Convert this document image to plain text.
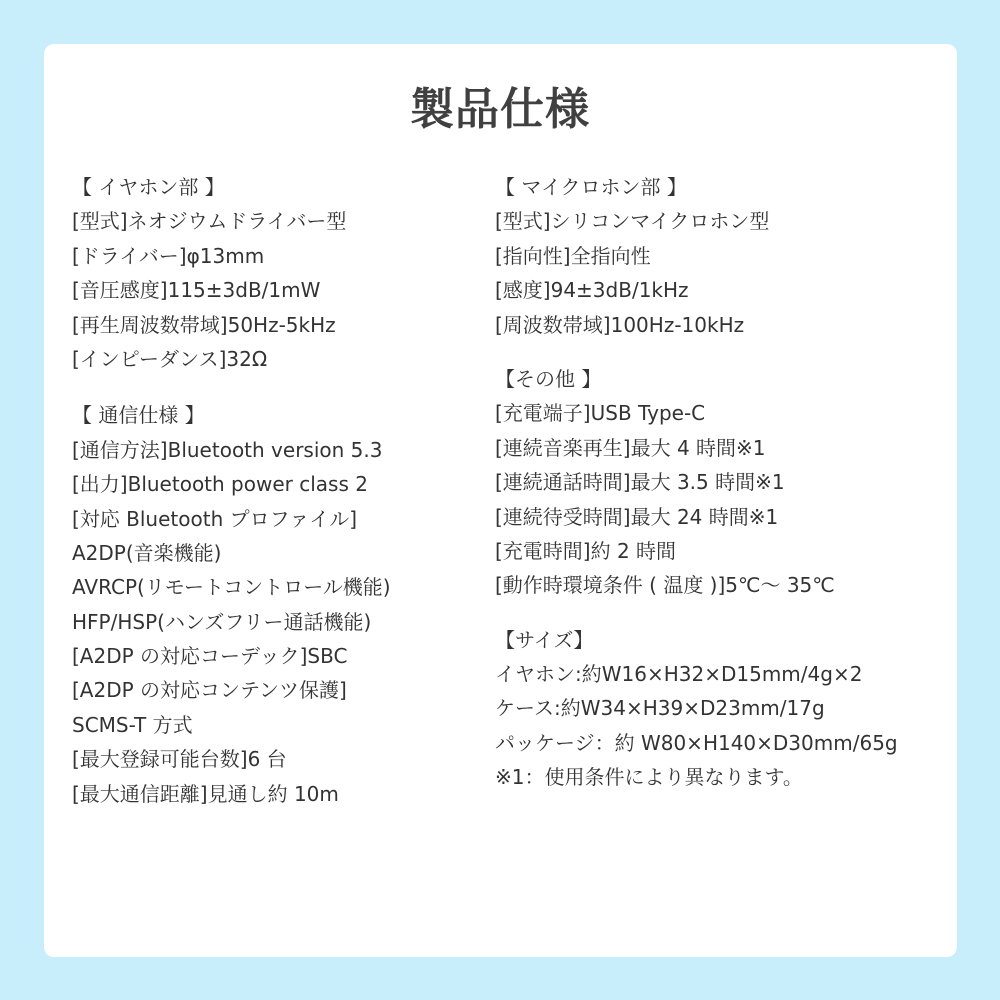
製品仕様
【 イヤホン部 】
[型式]ネオジウムドライバー型
[ドライバー]φ13mm
[音圧感度]115±3dB/1mW
[再生周波数帯域]50Hz-5kHz
[インピーダンス]32Ω
【 通信仕様 】
[通信方法]Bluetooth version 5.3
[出力]Bluetooth power class 2
[対応 Bluetooth プロファイル]
A2DP(音楽機能)
AVRCP(リモートコントロール機能)
HFP/HSP(ハンズフリー通話機能)
[A2DP の対応コーデック]SBC
[A2DP の対応コンテンツ保護]
SCMS-T 方式
[最大登録可能台数]6 台
[最大通信距離]見通し約 10m
【 マイクロホン部 】
[型式]シリコンマイクロホン型
[指向性]全指向性
[感度]94±3dB/1kHz
[周波数帯域]100Hz-10kHz
【その他 】
[充電端子]USB Type-C
[連続音楽再生]最大 4 時間※1
[連続通話時間]最大 3.5 時間※1
[連続待受時間]最大 24 時間※1
[充電時間]約 2 時間
[動作時環境条件 ( 温度 )]5℃～ 35℃
【サイズ】
イヤホン:約W16×H32×D15mm/4g×2
ケース:約W34×H39×D23mm/17g
パッケージ：約 W80×H140×D30mm/65g
※1：使用条件により異なります。
